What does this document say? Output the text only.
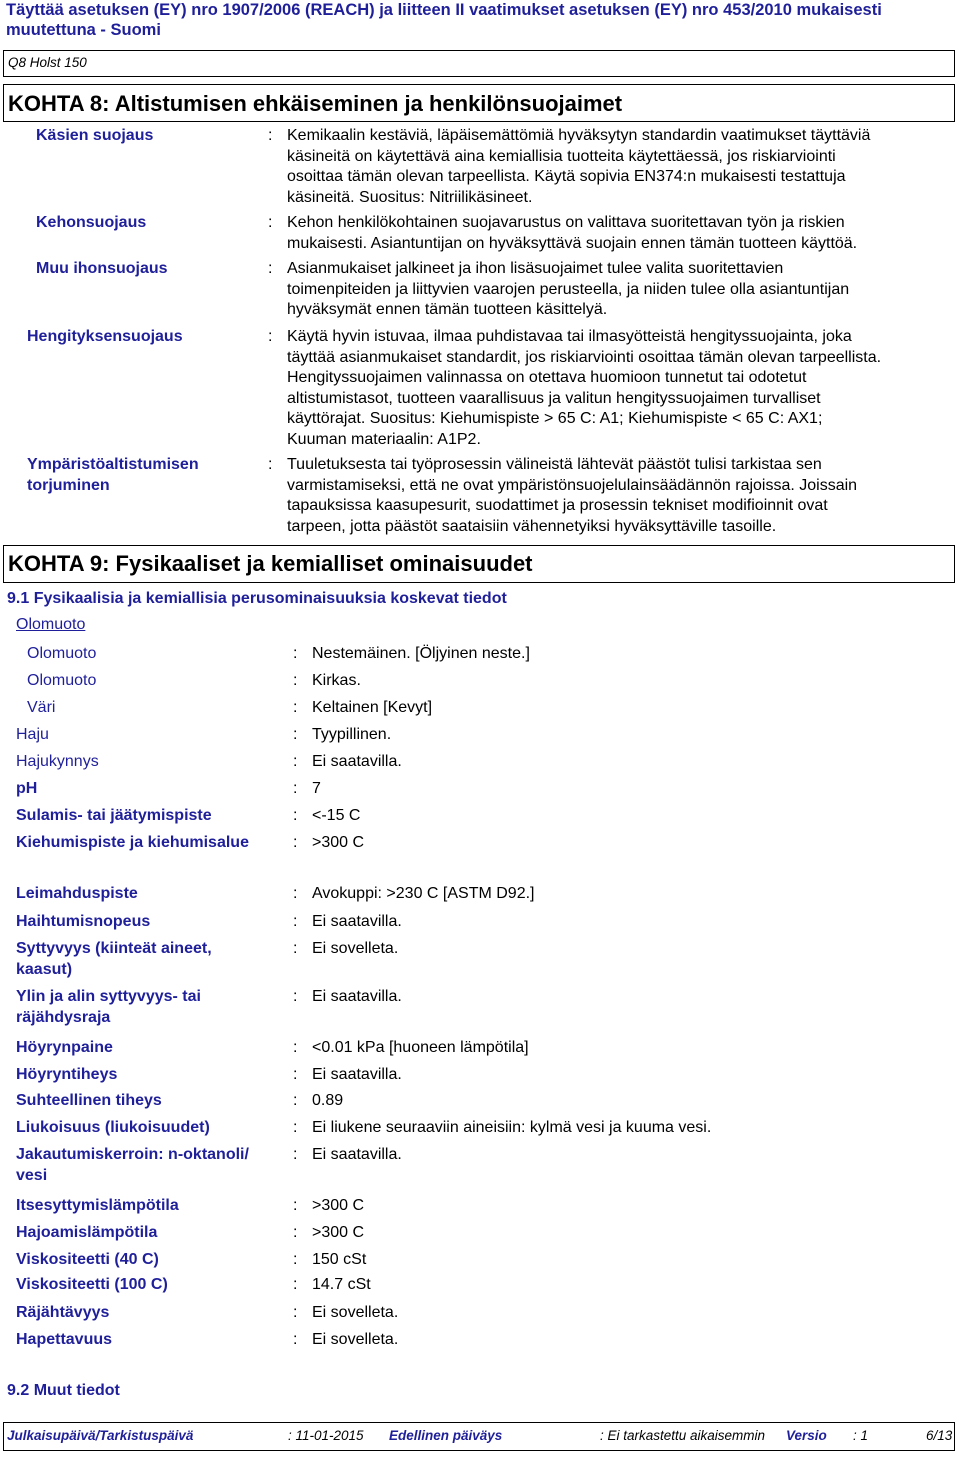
Täyttää asetuksen (EY) nro 1907/2006 (REACH) ja liitteen II vaatimukset asetuksen (EY) nro 453/2010 mukaisesti
muutettuna - Suomi
Q8 Holst 150
KOHTA 8: Altistumisen ehkäiseminen ja henkilönsuojaimet
Käsien suojaus	: Kemikaalin kestäviä, läpäisemättömiä hyväksytyn standardin vaatimukset täyttäviä
käsineitä on käytettävä aina kemiallisia tuotteita käytettäessä, jos riskiarviointi
osoittaa tämän olevan tarpeellista. Käytä sopivia EN374:n mukaisesti testattuja
käsineitä. Suositus: Nitriilikäsineet.
Kehonsuojaus	: Kehon henkilökohtainen suojavarustus on valittava suoritettavan työn ja riskien
mukaisesti. Asiantuntijan on hyväksyttävä suojain ennen tämän tuotteen käyttöä.
Muu ihonsuojaus	: Asianmukaiset jalkineet ja ihon lisäsuojaimet tulee valita suoritettavien
toimenpiteiden ja liittyvien vaarojen perusteella, ja niiden tulee olla asiantuntijan
hyväksymät ennen tämän tuotteen käsittelyä.
Hengityksensuojaus	: Käytä hyvin istuvaa, ilmaa puhdistavaa tai ilmasyötteistä hengityssuojainta, joka
täyttää asianmukaiset standardit, jos riskiarviointi osoittaa tämän olevan tarpeellista.
Hengityssuojaimen valinnassa on otettava huomioon tunnetut tai odotetut
altistumistasot, tuotteen vaarallisuus ja valitun hengityssuojaimen turvalliset
käyttörajat. Suositus: Kiehumispiste > 65 C: A1; Kiehumispiste < 65 C: AX1;
Kuuman materiaalin: A1P2.
Ympäristöaltistumisen
torjuminen
: Tuuletuksesta tai työprosessin välineistä lähtevät päästöt tulisi tarkistaa sen
varmistamiseksi, että ne ovat ympäristönsuojelulainsäädännön rajoissa. Joissain
tapauksissa kaasupesurit, suodattimet ja prosessin tekniset modifioinnit ovat
tarpeen, jotta päästöt saataisiin vähennetyiksi hyväksyttäville tasoille.
KOHTA 9: Fysikaaliset ja kemialliset ominaisuudet
9.1 Fysikaalisia ja kemiallisia perusominaisuuksia koskevat tiedot
Olomuoto
Olomuoto	: Nestemäinen. [Öljyinen neste.]
Olomuoto	: Kirkas.
Väri	: Keltainen [Kevyt]
Haju	: Tyypillinen.
Hajukynnys	: Ei saatavilla.
pH	: 7
Sulamis- tai jäätymispiste	: <-15 C
Kiehumispiste ja kiehumisalue	: >300 C
Leimahduspiste	: Avokuppi: >230 C [ASTM D92.]
Haihtumisnopeus	: Ei saatavilla.
Syttyvyys (kiinteät aineet,
kaasut)
: Ei sovelleta.
Ylin ja alin syttyvyys- tai
räjähdysraja
: Ei saatavilla.
Höyrynpaine	: <0.01 kPa [huoneen lämpötila]
Höyryntiheys	: Ei saatavilla.
Suhteellinen tiheys	: 0.89
Liukoisuus (liukoisuudet)	: Ei liukene seuraaviin aineisiin: kylmä vesi ja kuuma vesi.
Jakautumiskerroin: n-oktanoli/
vesi
: Ei saatavilla.
Itsesyttymislämpötila	: >300 C
Hajoamislämpötila	: >300 C
Viskositeetti (40 C)	: 150 cSt
Viskositeetti (100 C)	: 14.7 cSt
Räjähtävyys	: Ei sovelleta.
Hapettavuus	: Ei sovelleta.
9.2 Muut tiedot
Julkaisupäivä/Tarkistuspäivä	: 11-01-2015 Edellinen päiväys	: Ei tarkastettu aikaisemmin Versio : 1	6/13
